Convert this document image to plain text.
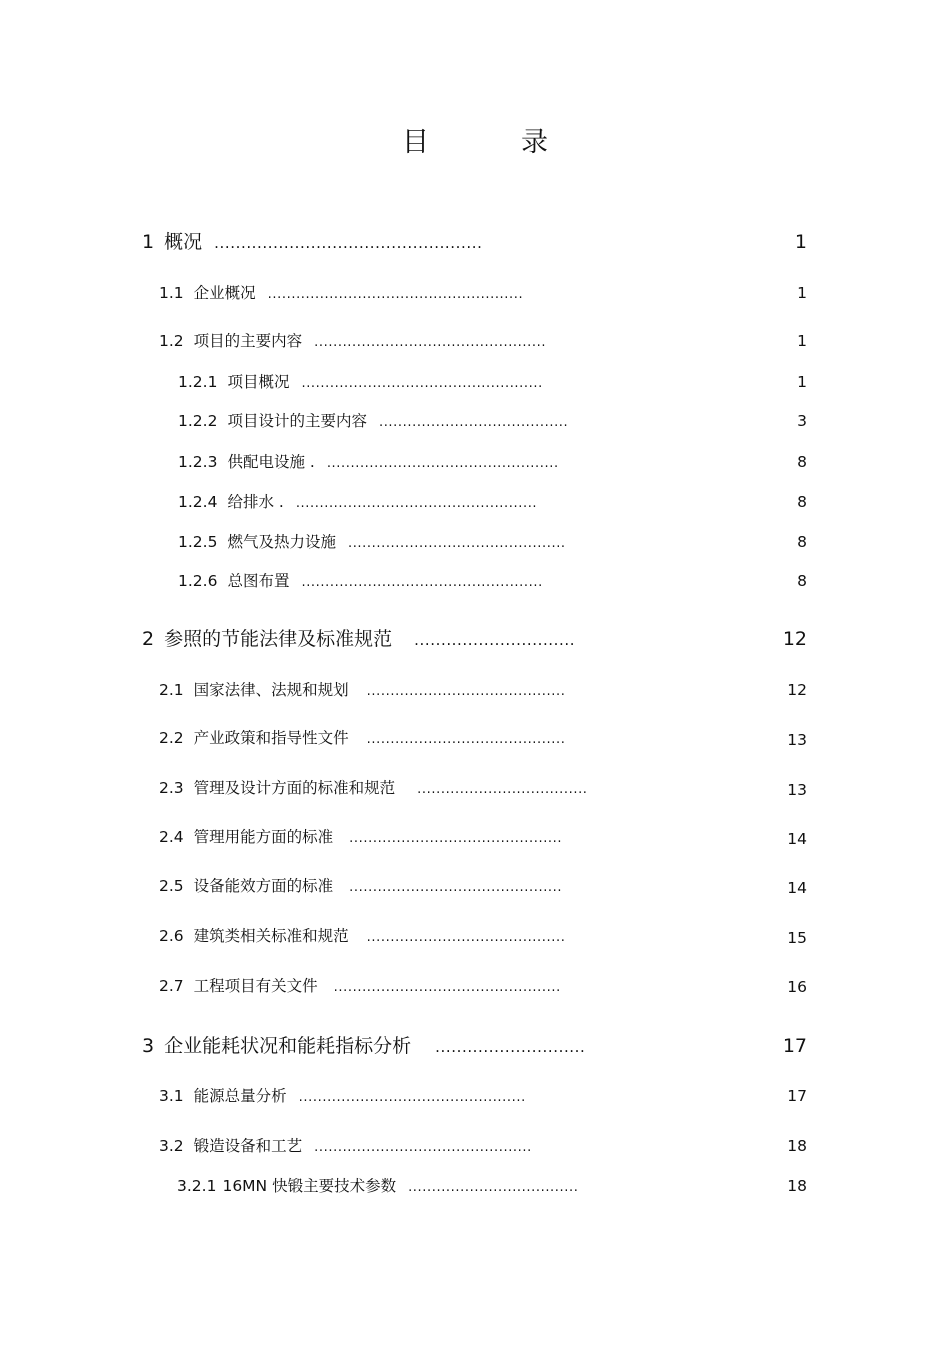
目	录
1 概况 ..................................................	1
1.1 企业概况 ......................................................	1
1.2 项目的主要内容 .................................................	1
1.2.1 项目概况 ...................................................	1
1.2.2项目设计的主要内容 ........................................	3
1.2.3供配电设施 . .................................................	8
1.2.4给排水 . ...................................................	8
1.2.5燃气及热力设施 ..............................................	8
1.2.6 总图布置 ...................................................	8
2 参照的节能法律及标准规范 ..............................	12
2.1 国家法律、法规和规划 ..........................................	12
2.2 产业政策和指导性文件 ..........................................	13
2.3 管理及设计方面的标准和规范 ....................................	13
2.4 管理用能方面的标准 .............................................	14
2.5 设备能效方面的标准 .............................................	14
2.6 建筑类相关标准和规范 ..........................................	15
2.7 工程项目有关文件 ................................................	16
3 企业能耗状况和能耗指标分析 ............................	17
3.1能源总量分析 ................................................	17
3.2锻造设备和工艺 ..............................................	18
3.2.1 16MN 快锻主要技术参数 ....................................	18
